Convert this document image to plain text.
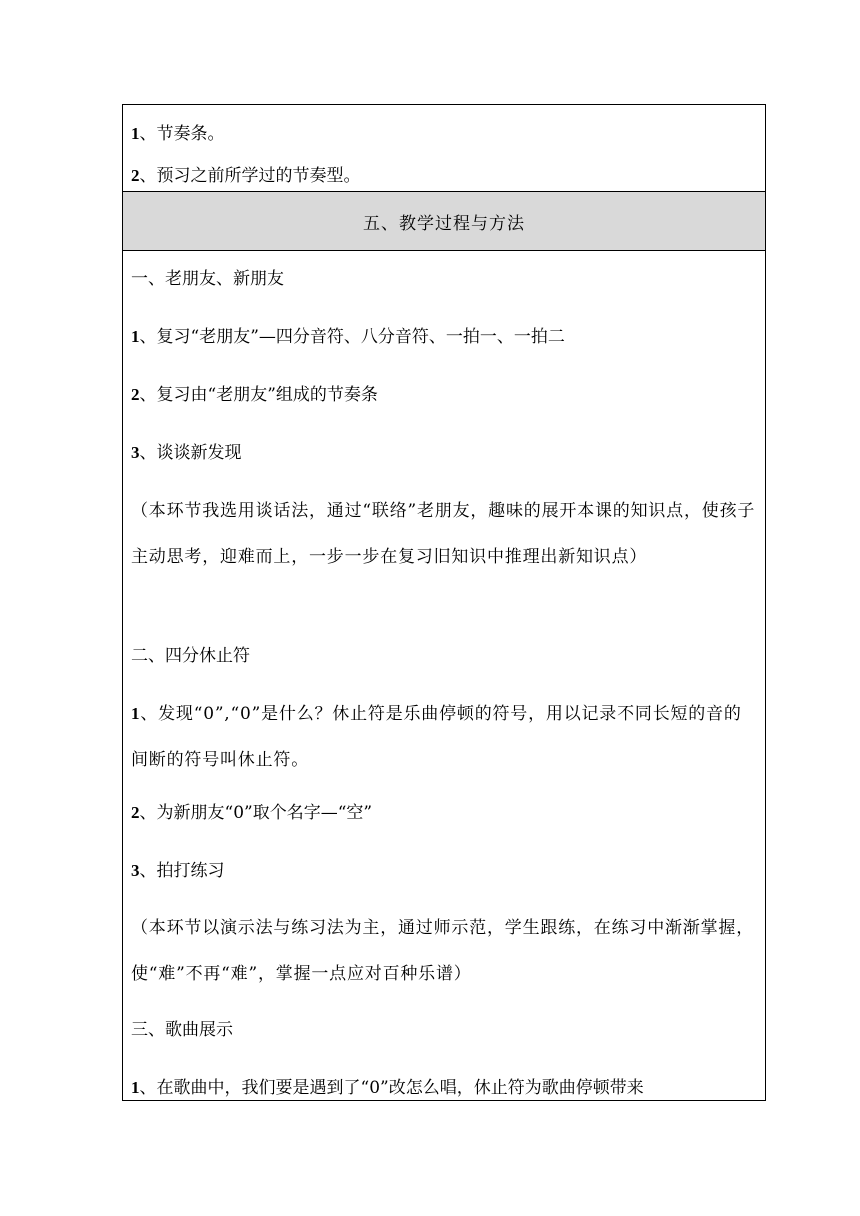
1、节奏条。
2、预习之前所学过的节奏型。
五、教学过程与方法
一、老朋友、新朋友
1、复习“老朋友”—四分音符、八分音符、一拍一、一拍二
2、复习由“老朋友”组成的节奏条
3、谈谈新发现
（本环节我选用谈话法，通过“联络”老朋友，趣味的展开本课的知识点，使孩子主动思考，迎难而上，一步一步在复习旧知识中推理出新知识点）
二、四分休止符
1、发现“0”,“0”是什么？休止符是乐曲停顿的符号，用以记录不同长短的音的间断的符号叫休止符。
2、为新朋友“0”取个名字—“空”
3、拍打练习
（本环节以演示法与练习法为主，通过师示范，学生跟练，在练习中渐渐掌握，使“难”不再“难”，掌握一点应对百种乐谱）
三、歌曲展示
1、在歌曲中，我们要是遇到了“0”改怎么唱，休止符为歌曲停顿带来
